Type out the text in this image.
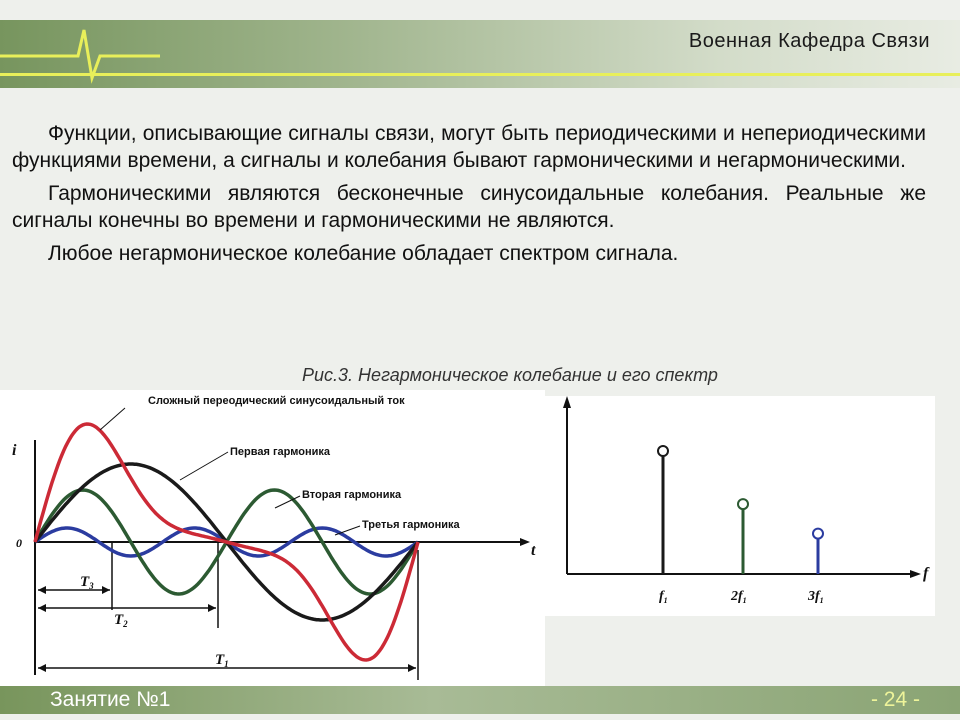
Военная Кафедра Связи

Функции, описывающие сигналы связи, могут быть периодическими и непериодическими функциями времени, а сигналы и колебания бывают гармоническими и негармоническими.

Гармоническими являются бесконечные синусоидальные колебания. Реальные же сигналы конечны во времени и гармоническими не являются.

Любое негармоническое колебание обладает спектром сигнала.

Рис.3. Негармоническое колебание и его спектр
i
t
0
$T_3$
$T_2$
$T_1$
Сложный переодический синусоидальный ток
Первая гармоника
Вторая гармоника
Третья гармоника
f
$f_1$	$2f_1$	$3f_1$
Занятие №1	- 24 -
